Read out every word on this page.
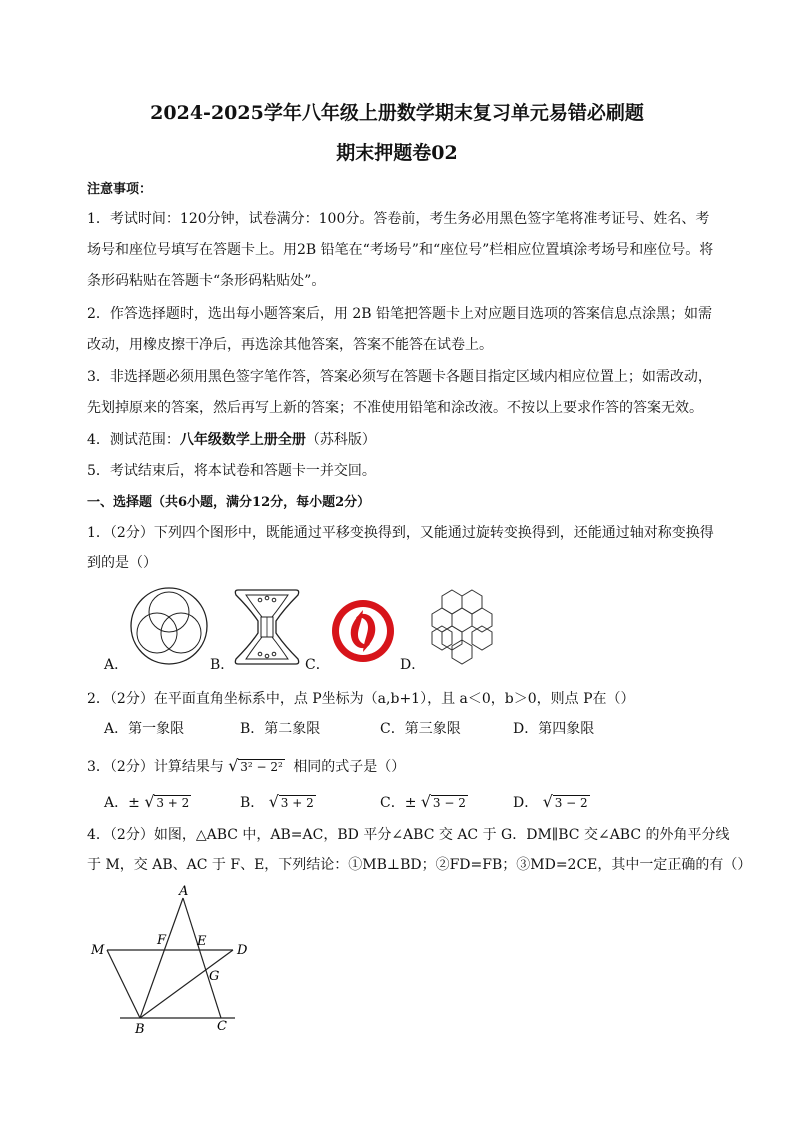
2024-2025学年八年级上册数学期末复习单元易错必刷题
期末押题卷02
注意事项：
1．考试时间：120分钟，试卷满分：100分。答卷前，考生务必用黑色签字笔将准考证号、姓名、考
场号和座位号填写在答题卡上。用2B 铅笔在“考场号”和“座位号”栏相应位置填涂考场号和座位号。将
条形码粘贴在答题卡“条形码粘贴处”。
2．作答选择题时，选出每小题答案后，用 2B 铅笔把答题卡上对应题目选项的答案信息点涂黑；如需
改动，用橡皮擦干净后，再选涂其他答案，答案不能答在试卷上。
3．非选择题必须用黑色签字笔作答，答案必须写在答题卡各题目指定区域内相应位置上；如需改动，
先划掉原来的答案，然后再写上新的答案；不准使用铅笔和涂改液。不按以上要求作答的答案无效。
4．测试范围：八年级数学上册全册（苏科版）
5．考试结束后，将本试卷和答题卡一并交回。
一、选择题（共6小题，满分12分，每小题2分）
1．（2分）下列四个图形中，既能通过平移变换得到，又能通过旋转变换得到，还能通过轴对称变换得
到的是（）
A．	B．	C．	D．
2．（2分）在平面直角坐标系中，点 P坐标为（a,b+1），且 a＜0，b＞0，则点 P在（）
A．第一象限	B．第二象限	C．第三象限	D．第四象限
3．（2分）计算结果与 √ 3² − 2² 相同的式子是（）
A．± √ 3 + 2	B． √ 3 + 2	C．± √ 3 − 2	D． √ 3 − 2
4．（2分）如图，△ABC 中，AB=AC，BD 平分∠ABC 交 AC 于 G．DM∥BC 交∠ABC 的外角平分线
于 M，交 AB、AC 于 F、E，下列结论：①MB⊥BD；②FD=FB；③MD=2CE，其中一定正确的有（）
A
B	C
D
M
F E
G
